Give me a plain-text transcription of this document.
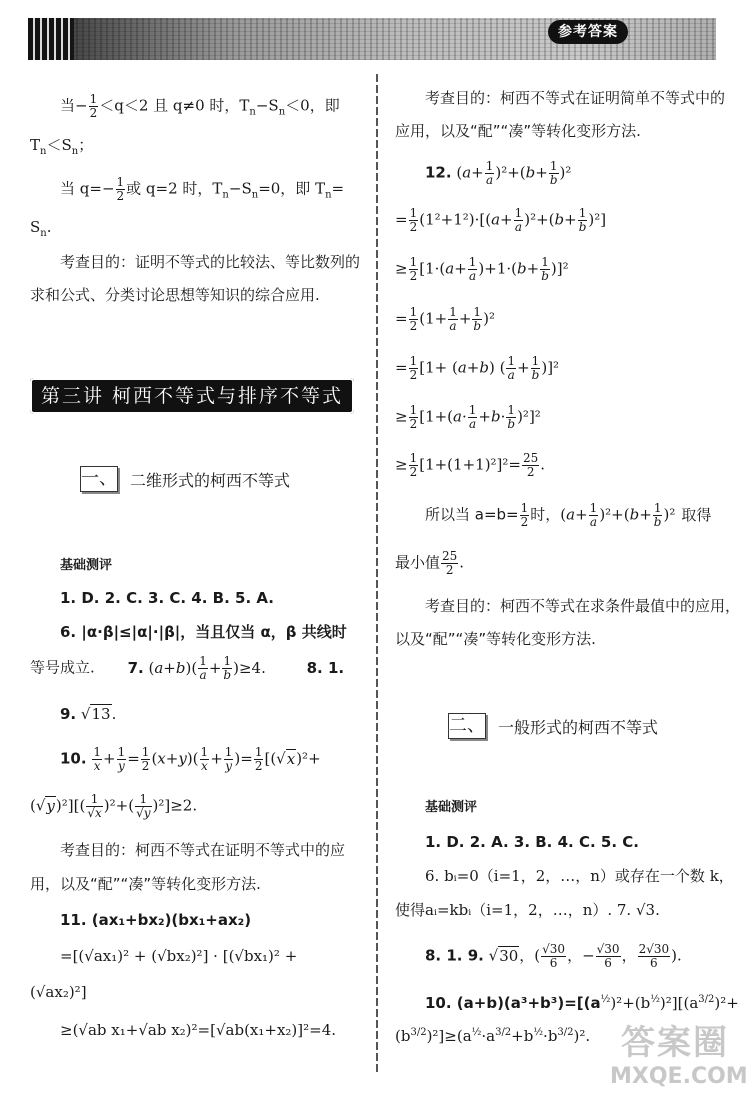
参考答案
当− $\frac{1}{2} <q<2$ 且 q≠0 时，$T_n-S_n<0$，即
$T_n<S_n$；
当 $q=- \frac{1}{2}$ 或 q=2 时，$T_n-S_n=0$，即 $T_n=$
$S_n$.
考查目的：证明不等式的比较法、等比数列的
求和公式、分类讨论思想等知识的综合应用.
第三讲 柯西不等式与排序不等式
一、 二维形式的柯西不等式
基础测评
1. D. 2. C. 3. C. 4. B. 5. A.
6. |α·β|≤|α|·|β|，当且仅当 α，β 共线时
等号成立. 7. $(a+b)( \frac{1}{a} + \frac{1}{b} )\ge 4$.	8. 1.
9. √13.
10. $\frac{1}{x} + \frac{1}{y} = \frac{1}{2} (x+y)( \frac{1}{x} + \frac{1}{y}$ )= $\frac{1}{2} [(√x)^2+$
$(√y)^2][( \frac{1}{√x} )^2+( \frac{1}{√y} )^2]\ge 2$.
考查目的：柯西不等式在证明不等式中的应
用，以及“配”“凑”等转化变形方法.
11. (ax₁+bx₂)(bx₁+ax₂)
=[(√ax₁)² + (√bx₂)²] · [(√bx₁)² +
(√ax₂)²]
≥(√ab x₁+√ab x₂)²=[√ab(x₁+x₂)]²=4.
考查目的：柯西不等式在证明简单不等式中的
应用，以及“配”“凑”等转化变形方法.
12. $(a+ \frac{1}{a} )^2+(b+ \frac{1}{b} )^2$
= $\frac{1}{2} (1^2+1^2)\cdot[(a+ \frac{1}{a} )^2+(b+ \frac{1}{b} )^2]$
≥ $\frac{1}{2} [1\cdot(a+ \frac{1}{a} )+1\cdot(b+ \frac{1}{b} )]^2$
= $\frac{1}{2} (1+ \frac{1}{a} + \frac{1}{b} )^2$
= $\frac{1}{2} [1+ (a+b)$ ( $\frac{1}{a} + \frac{1}{b} )]^2$
≥ $\frac{1}{2} [1+(a\cdot \frac{1}{a} +b\cdot \frac{1}{b} )^2]^2$
≥ $\frac{1}{2} [1+(1+1)^2]^2= \frac{25}{2}$ .
所以当 $a=b= \frac{1}{2}$ 时，$(a+ \frac{1}{a} )^2+(b+ \frac{1}{b} )^2$ 取得
最小值 $\frac{25}{2}$ .
考查目的：柯西不等式在求条件最值中的应用，
以及“配”“凑”等转化变形方法.
二、 一般形式的柯西不等式
基础测评
1. D. 2. A. 3. B. 4. C. 5. C.
6. bᵢ=0（i=1，2，…，n）或存在一个数 k，
使得aᵢ=kbᵢ（i=1，2，…，n）. 7. √3.
8. 1. 9. √30，( $\frac{√30}{6}$ ，− $\frac{√30}{6}$ ， $\frac{2√30}{6}$ ).
10. $(a+b)(a^3+b^3)=[(a^{\frac{1}{2}})^2+(b^{\frac{1}{2}})^2][(a^{3/2})^2+$
$(b^{3/2})^2]\ge(a^{\frac{1}{2}}\cdot a^{3/2}+b^{\frac{1}{2}}\cdot b^{3/2})^2$. 答案圈
MXQE.COM
